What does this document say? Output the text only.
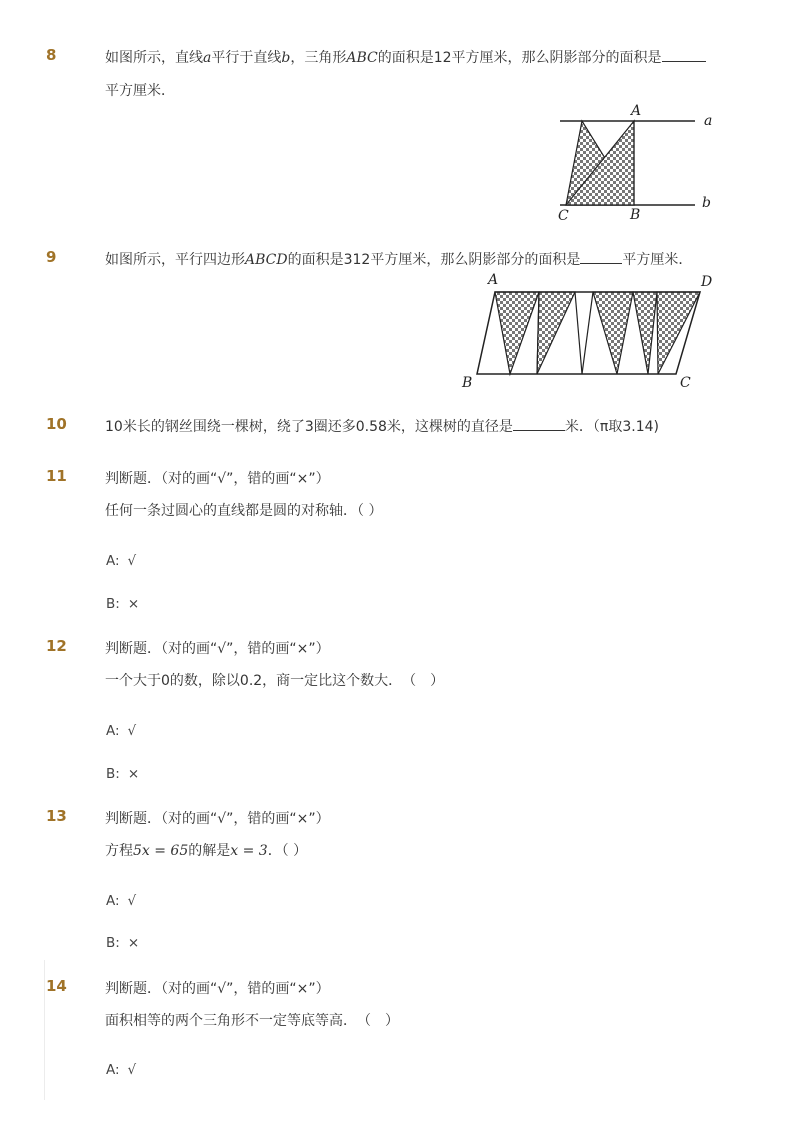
8	如图所示，直线a平行于直线b，三角形ABC的面积是12平方厘米，那么阴影部分的面积是
平方厘米．
A
a
C	B
b
9	如图所示，平行四边形ABCD的面积是312平方厘米，那么阴影部分的面积是	平方厘米．
A	D
B	C
10	10米长的钢丝围绕一棵树，绕了3圈还多0.58米，这棵树的直径是	米．（π取3.14)
11	判断题．（对的画“√”，错的画“×”）
任何一条过圆心的直线都是圆的对称轴．（ ）
A: √
B: ×
12	判断题．（对的画“√”，错的画“×”）
一个大于0的数，除以0.2，商一定比这个数大．　（　）
A: √
B: ×
13	判断题．（对的画“√”，错的画“×”）
方程5x = 65的解是x = 3．（ ）
A: √
B: ×
14	判断题．（对的画“√”，错的画“×”）
面积相等的两个三角形不一定等底等高．　（　）
A: √
